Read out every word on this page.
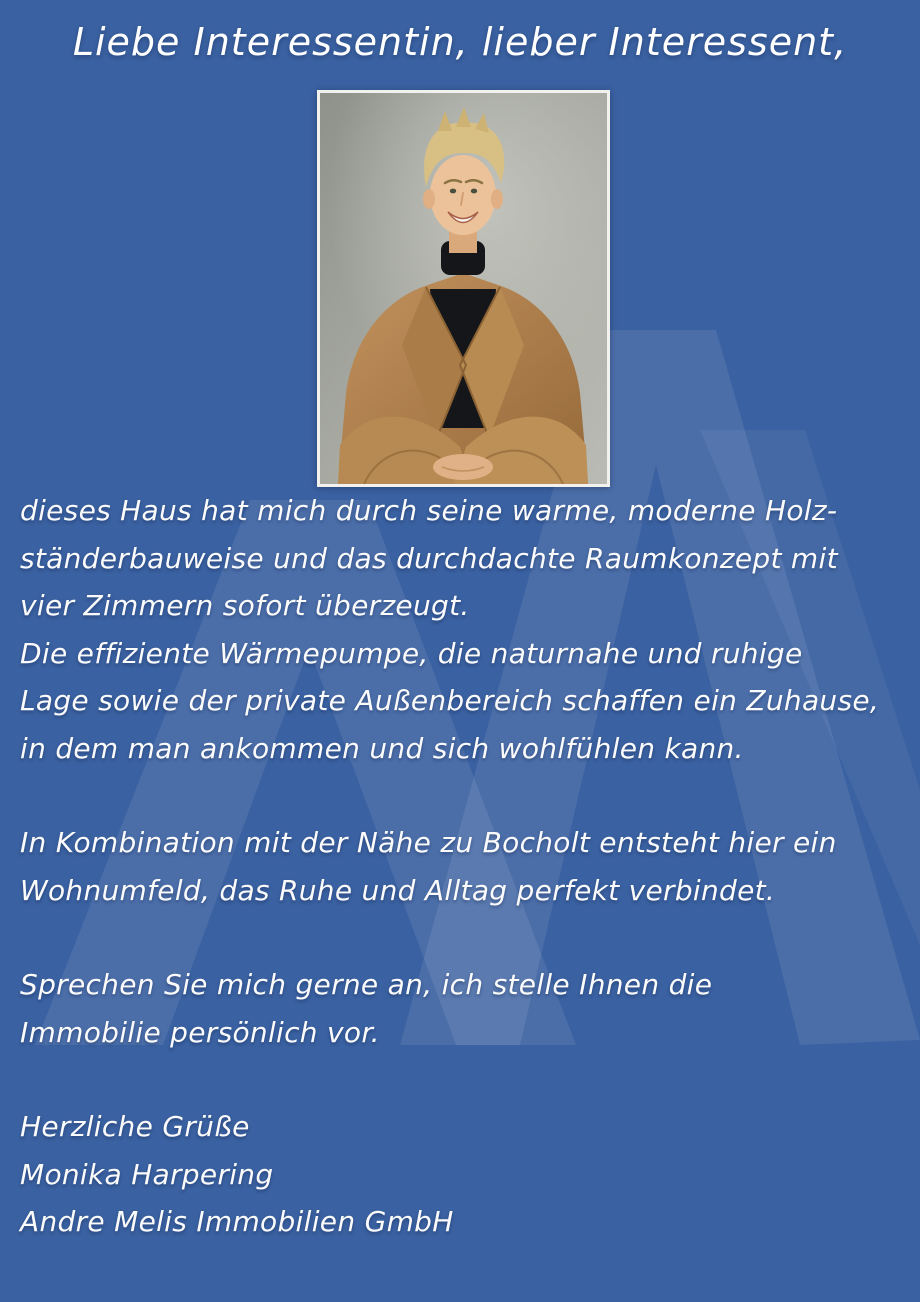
Liebe Interessentin, lieber Interessent,

dieses Haus hat mich durch seine warme, moderne Holz-
ständerbauweise und das durchdachte Raumkonzept mit
vier Zimmern sofort überzeugt.
Die effiziente Wärmepumpe, die naturnahe und ruhige
Lage sowie der private Außenbereich schaffen ein Zuhause,
in dem man ankommen und sich wohlfühlen kann.

In Kombination mit der Nähe zu Bocholt entsteht hier ein
Wohnumfeld, das Ruhe und Alltag perfekt verbindet.

Sprechen Sie mich gerne an, ich stelle Ihnen die
Immobilie persönlich vor.

Herzliche Grüße
Monika Harpering
Andre Melis Immobilien GmbH
